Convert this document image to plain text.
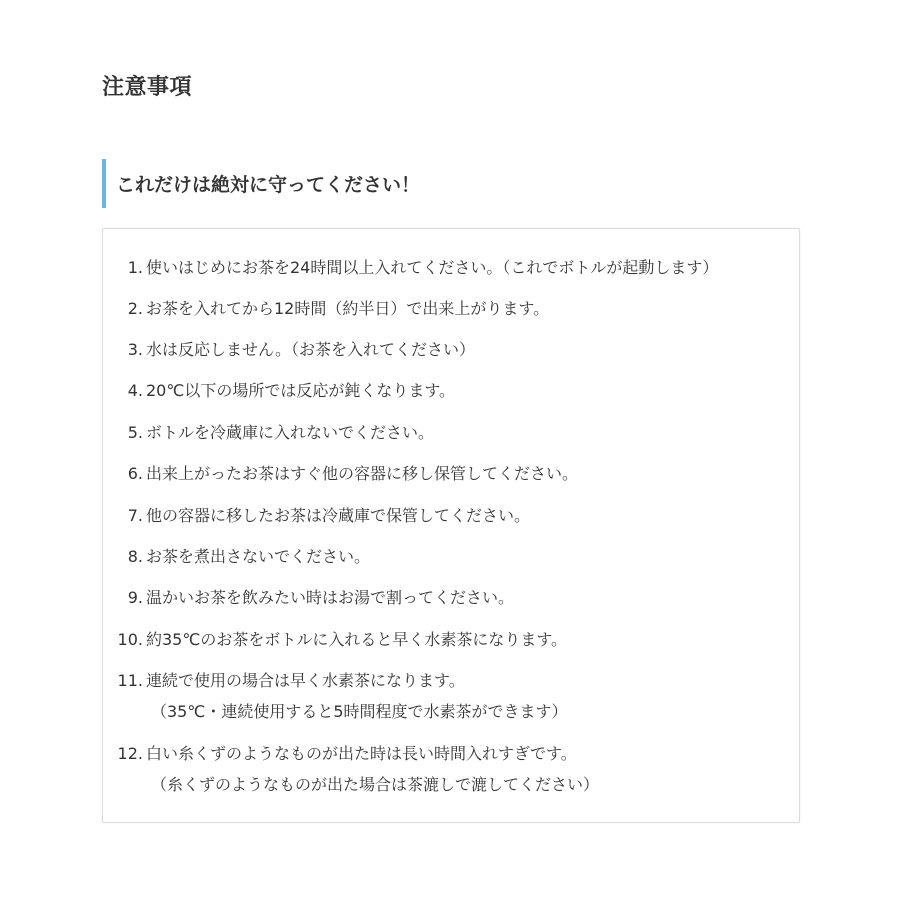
注意事項
これだけは絶対に守ってください！
1. 使いはじめにお茶を24時間以上入れてください。（これでボトルが起動します）
2. お茶を入れてから12時間（約半日）で出来上がります。
3. 水は反応しません。（お茶を入れてください）
4. 20℃以下の場所では反応が鈍くなります。
5. ボトルを冷蔵庫に入れないでください。
6. 出来上がったお茶はすぐ他の容器に移し保管してください。
7. 他の容器に移したお茶は冷蔵庫で保管してください。
8. お茶を煮出さないでください。
9. 温かいお茶を飲みたい時はお湯で割ってください。
10. 約35℃のお茶をボトルに入れると早く水素茶になります。
11. 連続で使用の場合は早く水素茶になります。
（35℃・連続使用すると5時間程度で水素茶ができます）
12. 白い糸くずのようなものが出た時は長い時間入れすぎです。
（糸くずのようなものが出た場合は茶漉しで漉してください）
